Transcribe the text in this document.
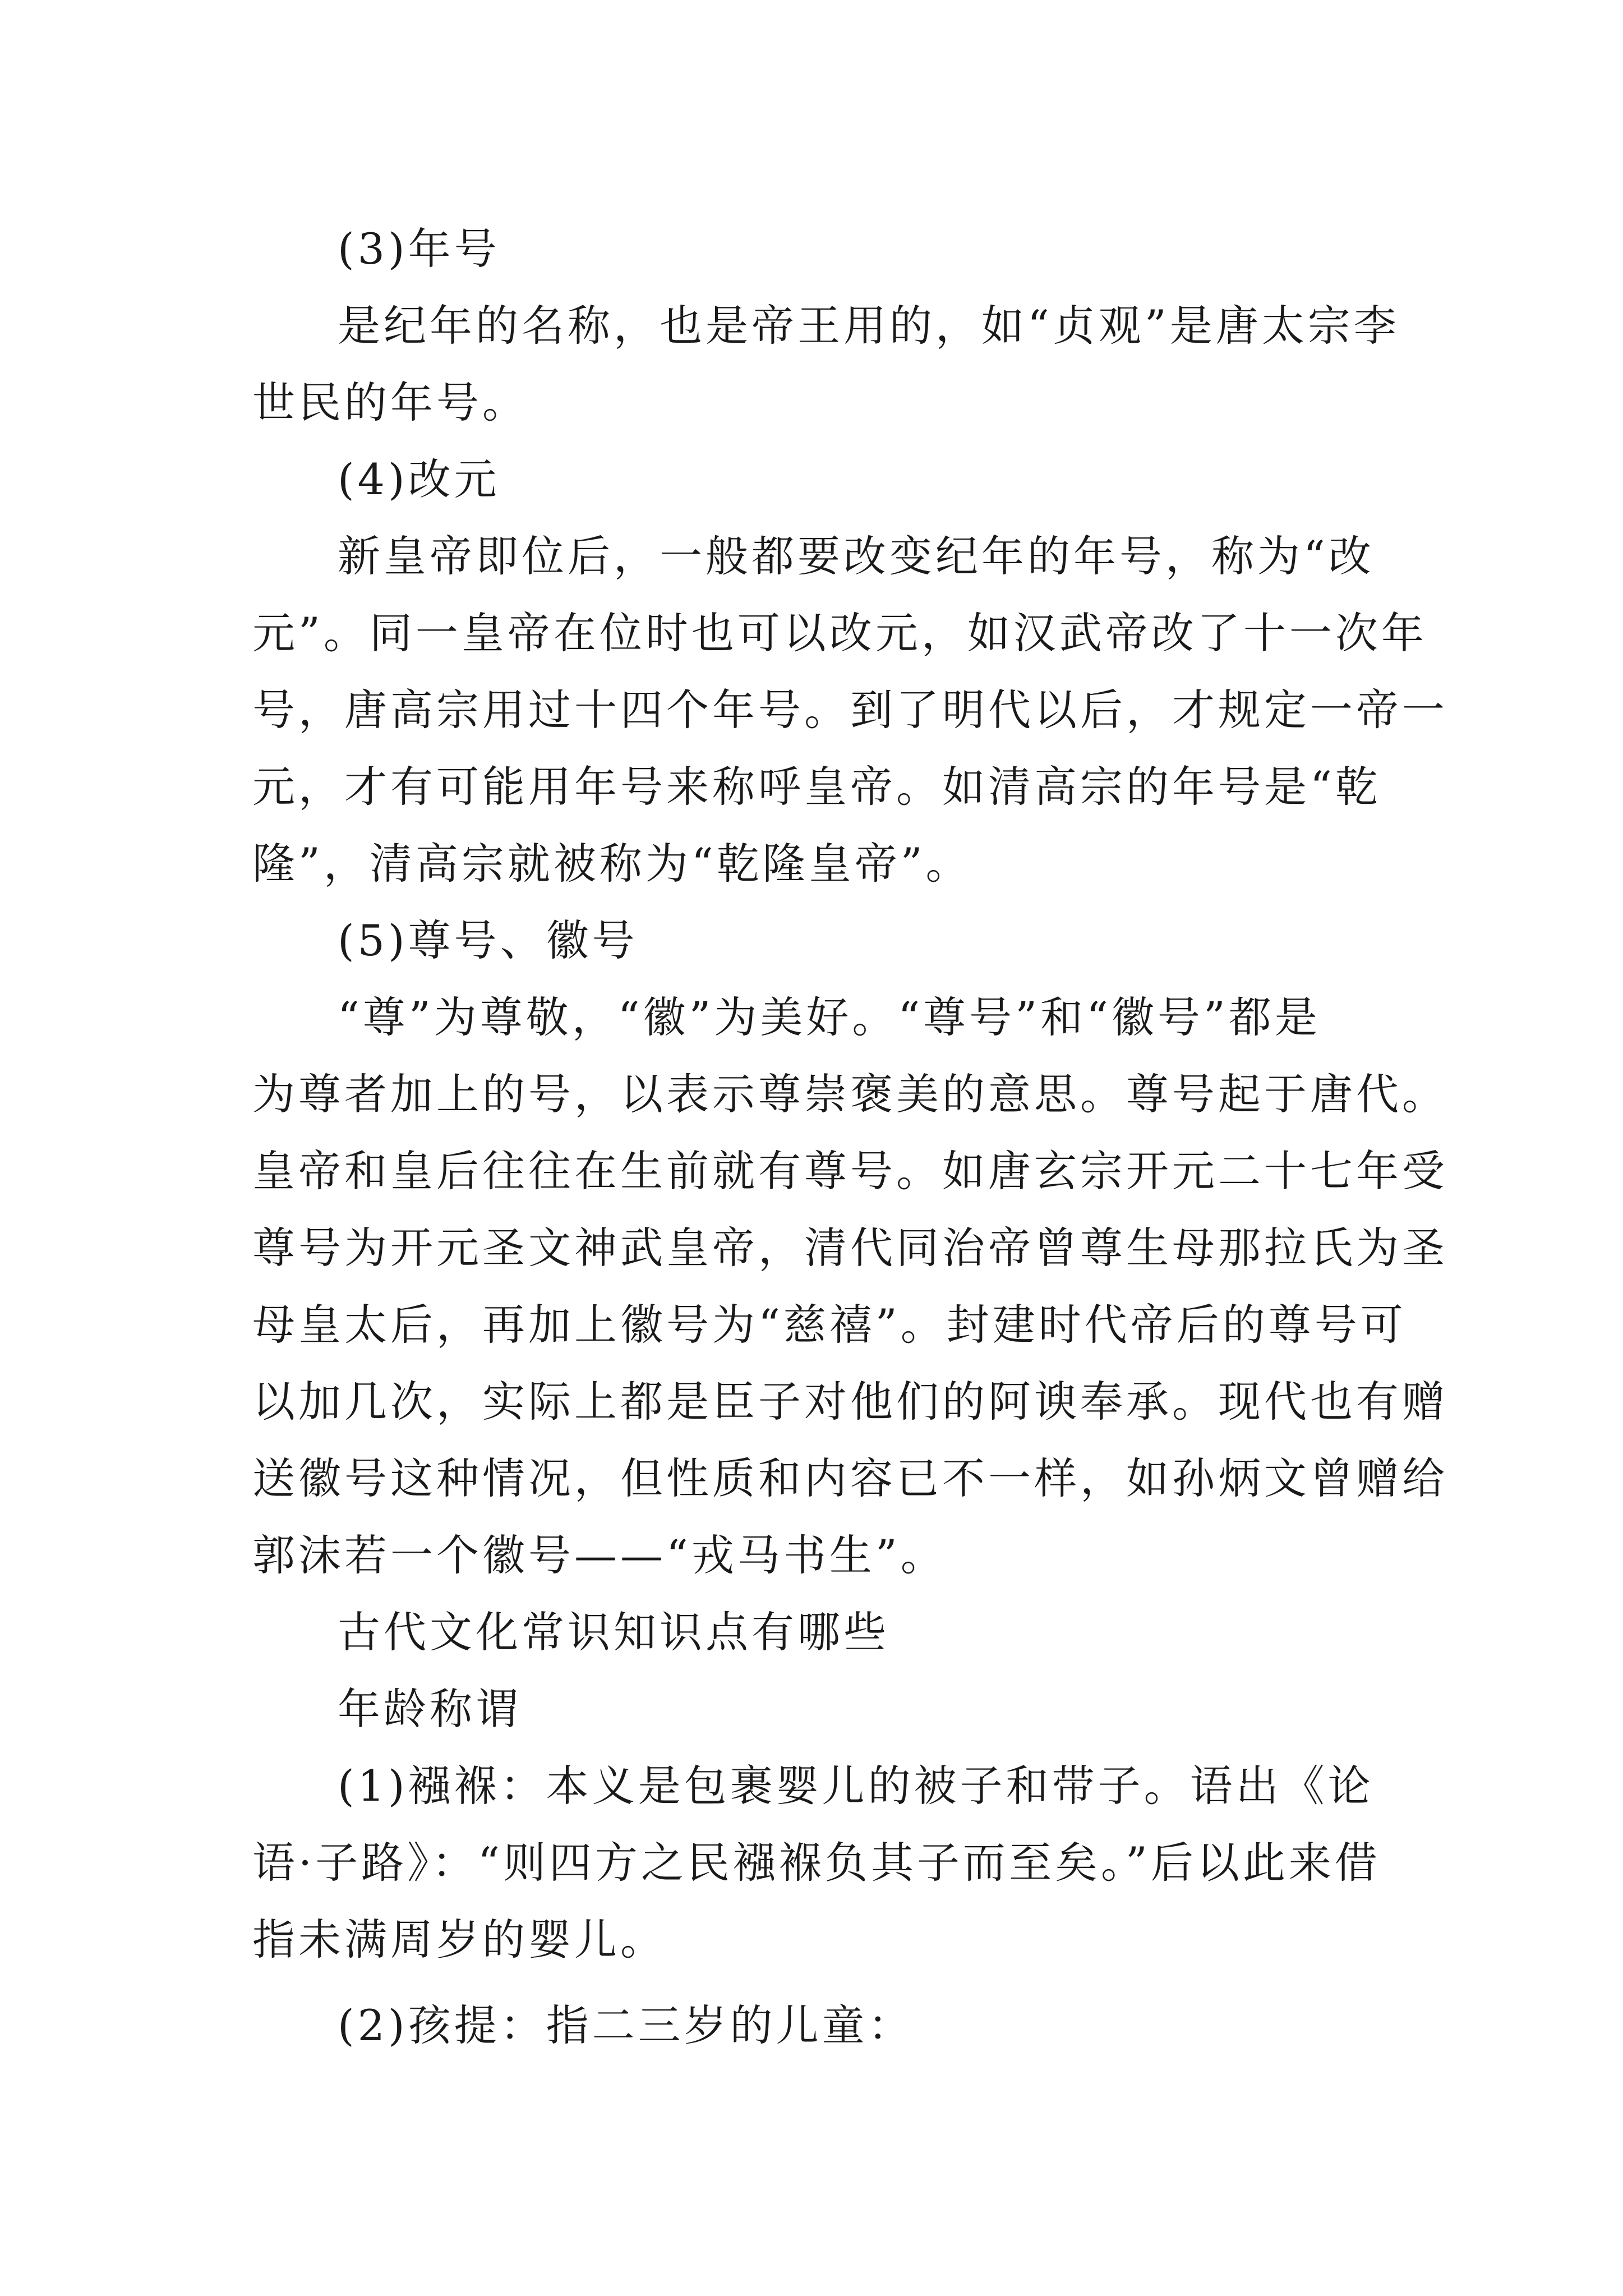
(3)年号
是纪年的名称，也是帝王用的，如“贞观”是唐太宗李
世民的年号。
(4)改元
新皇帝即位后，一般都要改变纪年的年号，称为“改
元”。同一皇帝在位时也可以改元，如汉武帝改了十一次年
号，唐高宗用过十四个年号。到了明代以后，才规定一帝一
元，才有可能用年号来称呼皇帝。如清高宗的年号是“乾
隆”，清高宗就被称为“乾隆皇帝”。
(5)尊号、徽号
“尊”为尊敬，“徽”为美好。“尊号”和“徽号”都是
为尊者加上的号，以表示尊崇褒美的意思。尊号起于唐代。
皇帝和皇后往往在生前就有尊号。如唐玄宗开元二十七年受
尊号为开元圣文神武皇帝，清代同治帝曾尊生母那拉氏为圣
母皇太后，再加上徽号为“慈禧”。封建时代帝后的尊号可
以加几次，实际上都是臣子对他们的阿谀奉承。现代也有赠
送徽号这种情况，但性质和内容已不一样，如孙炳文曾赠给
郭沫若一个徽号——“戎马书生”。
古代文化常识知识点有哪些
年龄称谓
(1)襁褓：本义是包裹婴儿的被子和带子。语出《论
语·子路》：“则四方之民襁褓负其子而至矣。”后以此来借
指未满周岁的婴儿。
(2)孩提：指二三岁的儿童：
